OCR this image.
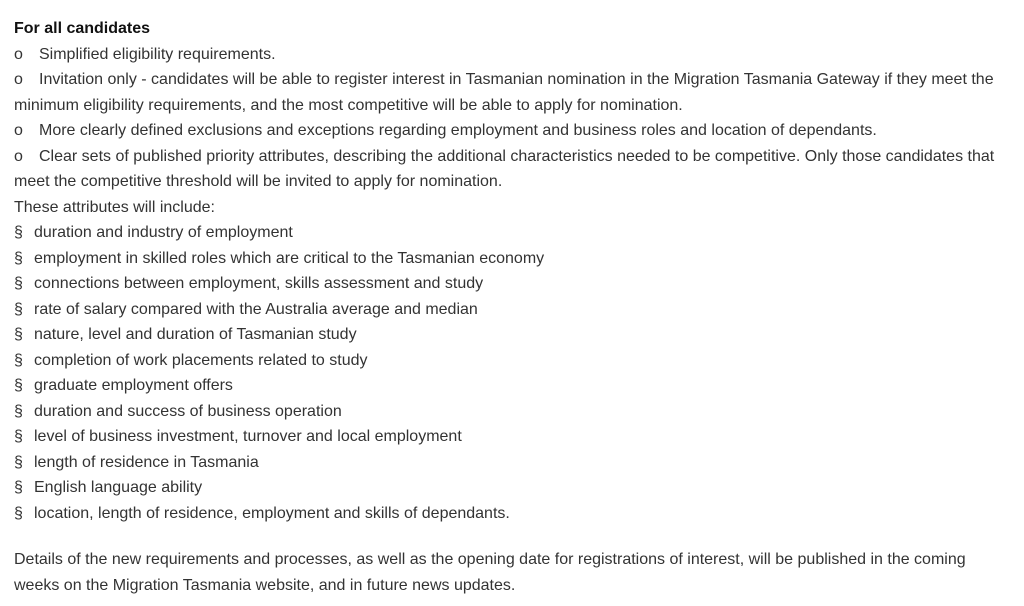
For all candidates
o Simplified eligibility requirements.
o Invitation only - candidates will be able to register interest in Tasmanian nomination in the Migration Tasmania Gateway if they meet the minimum eligibility requirements, and the most competitive will be able to apply for nomination.
o More clearly defined exclusions and exceptions regarding employment and business roles and location of dependants.
o Clear sets of published priority attributes, describing the additional characteristics needed to be competitive. Only those candidates that meet the competitive threshold will be invited to apply for nomination.
These attributes will include:
§ duration and industry of employment
§ employment in skilled roles which are critical to the Tasmanian economy
§ connections between employment, skills assessment and study
§ rate of salary compared with the Australia average and median
§ nature, level and duration of Tasmanian study
§ completion of work placements related to study
§ graduate employment offers
§ duration and success of business operation
§ level of business investment, turnover and local employment
§ length of residence in Tasmania
§ English language ability
§ location, length of residence, employment and skills of dependants.
Details of the new requirements and processes, as well as the opening date for registrations of interest, will be published in the coming weeks on the Migration Tasmania website, and in future news updates.
